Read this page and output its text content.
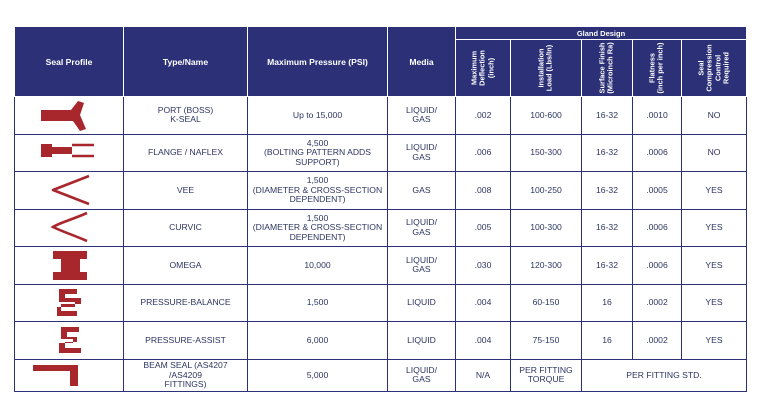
Seal Profile	Type/Name	Maximum Pressure (PSI)	Media	Gland Design				

				Maximum
Deflection
(inch)	Installation
Load (Lbs/In)	Surface Finish
(Microinch Ra)	Flatness
(inch per inch)	Seal
Compression
Control
Required

	PORT (BOSS)
K-SEAL	Up to 15,000	LIQUID/
GAS	.002	100-600	16-32	.0010	NO

	FLANGE / NAFLEX	4,500
(BOLTING PATTERN ADDS
SUPPORT)	LIQUID/
GAS	.006	150-300	16-32	.0006	NO

	VEE	1,500
(DIAMETER & CROSS-SECTION
DEPENDENT)	GAS	.008	100-250	16-32	.0005	YES

	CURVIC	1,500
(DIAMETER & CROSS-SECTION
DEPENDENT)	LIQUID/
GAS	.005	100-300	16-32	.0006	YES

	OMEGA	10,000	LIQUID/
GAS	.030	120-300	16-32	.0006	YES

	PRESSURE-BALANCE	1,500	LIQUID	.004	60-150	16	.0002	YES

	PRESSURE-ASSIST	6,000	LIQUID	.004	75-150	16	.0002	YES

	BEAM SEAL (AS4207 /AS4209
FITTINGS)	5,000	LIQUID/
GAS	N/A	PER FITTING
TORQUE	PER FITTING STD.		
